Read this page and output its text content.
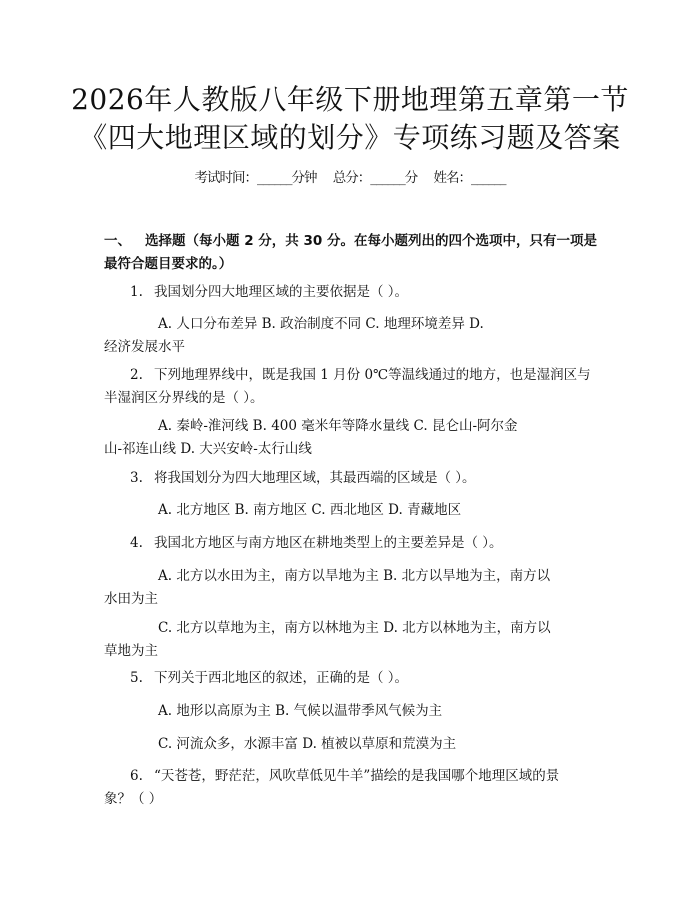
2026年人教版八年级下册地理第五章第一节
《四大地理区域的划分》专项练习题及答案
考试时间：______分钟 总分：______分 姓名：______
一、 选择题（每小题 2 分，共 30 分。在每小题列出的四个选项中，只有一项是
最符合题目要求的。）
1. 我国划分四大地理区域的主要依据是（ ）。
A. 人口分布差异 B. 政治制度不同 C. 地理环境差异 D.
经济发展水平
2. 下列地理界线中，既是我国 1 月份 0℃等温线通过的地方，也是湿润区与
半湿润区分界线的是（ ）。
A. 秦岭-淮河线 B. 400 毫米年等降水量线 C. 昆仑山-阿尔金
山-祁连山线 D. 大兴安岭-太行山线
3. 将我国划分为四大地理区域，其最西端的区域是（ ）。
A. 北方地区 B. 南方地区 C. 西北地区 D. 青藏地区
4. 我国北方地区与南方地区在耕地类型上的主要差异是（ ）。
A. 北方以水田为主，南方以旱地为主 B. 北方以旱地为主，南方以
水田为主
C. 北方以草地为主，南方以林地为主 D. 北方以林地为主，南方以
草地为主
5. 下列关于西北地区的叙述，正确的是（ ）。
A. 地形以高原为主 B. 气候以温带季风气候为主
C. 河流众多，水源丰富 D. 植被以草原和荒漠为主
6. “天苍苍，野茫茫，风吹草低见牛羊”描绘的是我国哪个地理区域的景
象？（ ）
